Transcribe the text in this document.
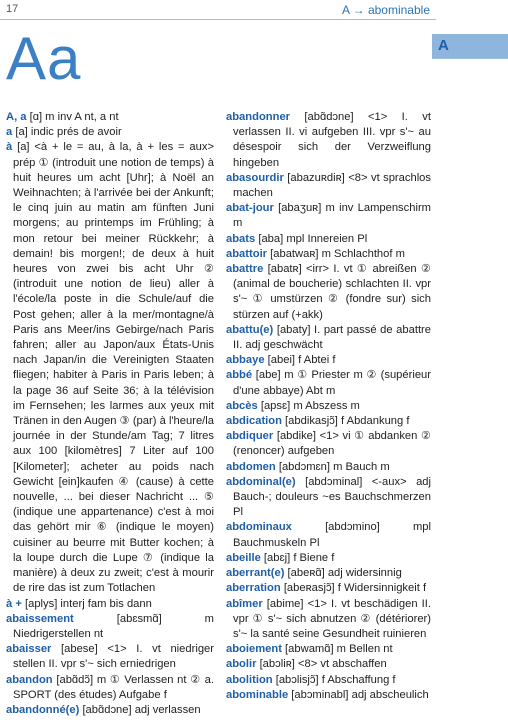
17	A → abominable
Aa	A
A, a [ɑ] m inv A nt, a nt
a [a] indic prés de avoir
à [a] <à + le = au, à la, à + les = aux> prép ① (introduit une notion de temps) à huit heures um acht [Uhr]; à Noël an Weihnachten; à l'arrivée bei der Ankunft; le cinq juin au matin am fünften Juni morgens; au printemps im Frühling; à mon retour bei meiner Rückkehr; à demain! bis morgen!; de deux à huit heures von zwei bis acht Uhr ② (introduit une notion de lieu) aller à l'école/la poste in die Schule/auf die Post gehen; aller à la mer/montagne/à Paris ans Meer/ins Gebirge/nach Paris fahren; aller au Japon/aux États-Unis nach Japan/in die Vereinigten Staaten fliegen; habiter à Paris in Paris leben; à la page 36 auf Seite 36; à la télévision im Fernsehen; les larmes aux yeux mit Tränen in den Augen ③ (par) à l'heure/la journée in der Stunde/am Tag; 7 litres aux 100 [kilomètres] 7 Liter auf 100 [Kilometer]; acheter au poids nach Gewicht [ein]kaufen ④ (cause) à cette nouvelle, ... bei dieser Nachricht ... ⑤ (indique une appartenance) c'est à moi das gehört mir ⑥ (indique le moyen) cuisiner au beurre mit Butter kochen; à la loupe durch die Lupe ⑦ (indique la manière) à deux zu zweit; c'est à mourir de rire das ist zum Totlachen
à + [aplys] interj fam bis dann
abaissement [abɛsmɑ̃] m Niedrigerstellen nt
abaisser [abese] <1> I. vt niedriger stellen II. vpr s'~ sich erniedrigen
abandon [abɑ̃dɔ̃] m ① Verlassen nt ② a. SPORT (des études) Aufgabe f
abandonné(e) [abɑ̃dɔne] adj verlassen
abandonner [abɑ̃dɔne] <1> I. vt verlassen II. vi aufgeben III. vpr s'~ au désespoir sich der Verzweiflung hingeben
abasourdir [abazuʀdiʀ] <8> vt sprachlos machen
abat-jour [abaʒuʀ] m inv Lampenschirm m
abats [aba] mpl Innereien Pl
abattoir [abatwaʀ] m Schlachthof m
abattre [abatʀ] <irr> I. vt ① abreißen ② (animal de boucherie) schlachten II. vpr s'~ ① umstürzen ② (fondre sur) sich stürzen auf (+akk)
abattu(e) [abaty] I. part passé de abattre II. adj geschwächt
abbaye [abei] f Abtei f
abbé [abe] m ① Priester m ② (supérieur d'une abbaye) Abt m
abcès [apsɛ] m Abszess m
abdication [abdikasjɔ̃] f Abdankung f
abdiquer [abdike] <1> vi ① abdanken ② (renoncer) aufgeben
abdomen [abdɔmɛn] m Bauch m
abdominal(e) [abdɔminal] <-aux> adj Bauch-; douleurs ~es Bauchschmerzen Pl
abdominaux [abdɔmino] mpl Bauchmuskeln Pl
abeille [abɛj] f Biene f
aberrant(e) [abeʀɑ̃] adj widersinnig
aberration [abeʀasjɔ̃] f Widersinnigkeit f
abîmer [abime] <1> I. vt beschädigen II. vpr ① s'~ sich abnutzen ② (détériorer) s'~ la santé seine Gesundheit ruinieren
aboiement [abwamɑ̃] m Bellen nt
abolir [abɔliʀ] <8> vt abschaffen
abolition [abɔlisjɔ̃] f Abschaffung f
abominable [abɔminabl] adj abscheulich
